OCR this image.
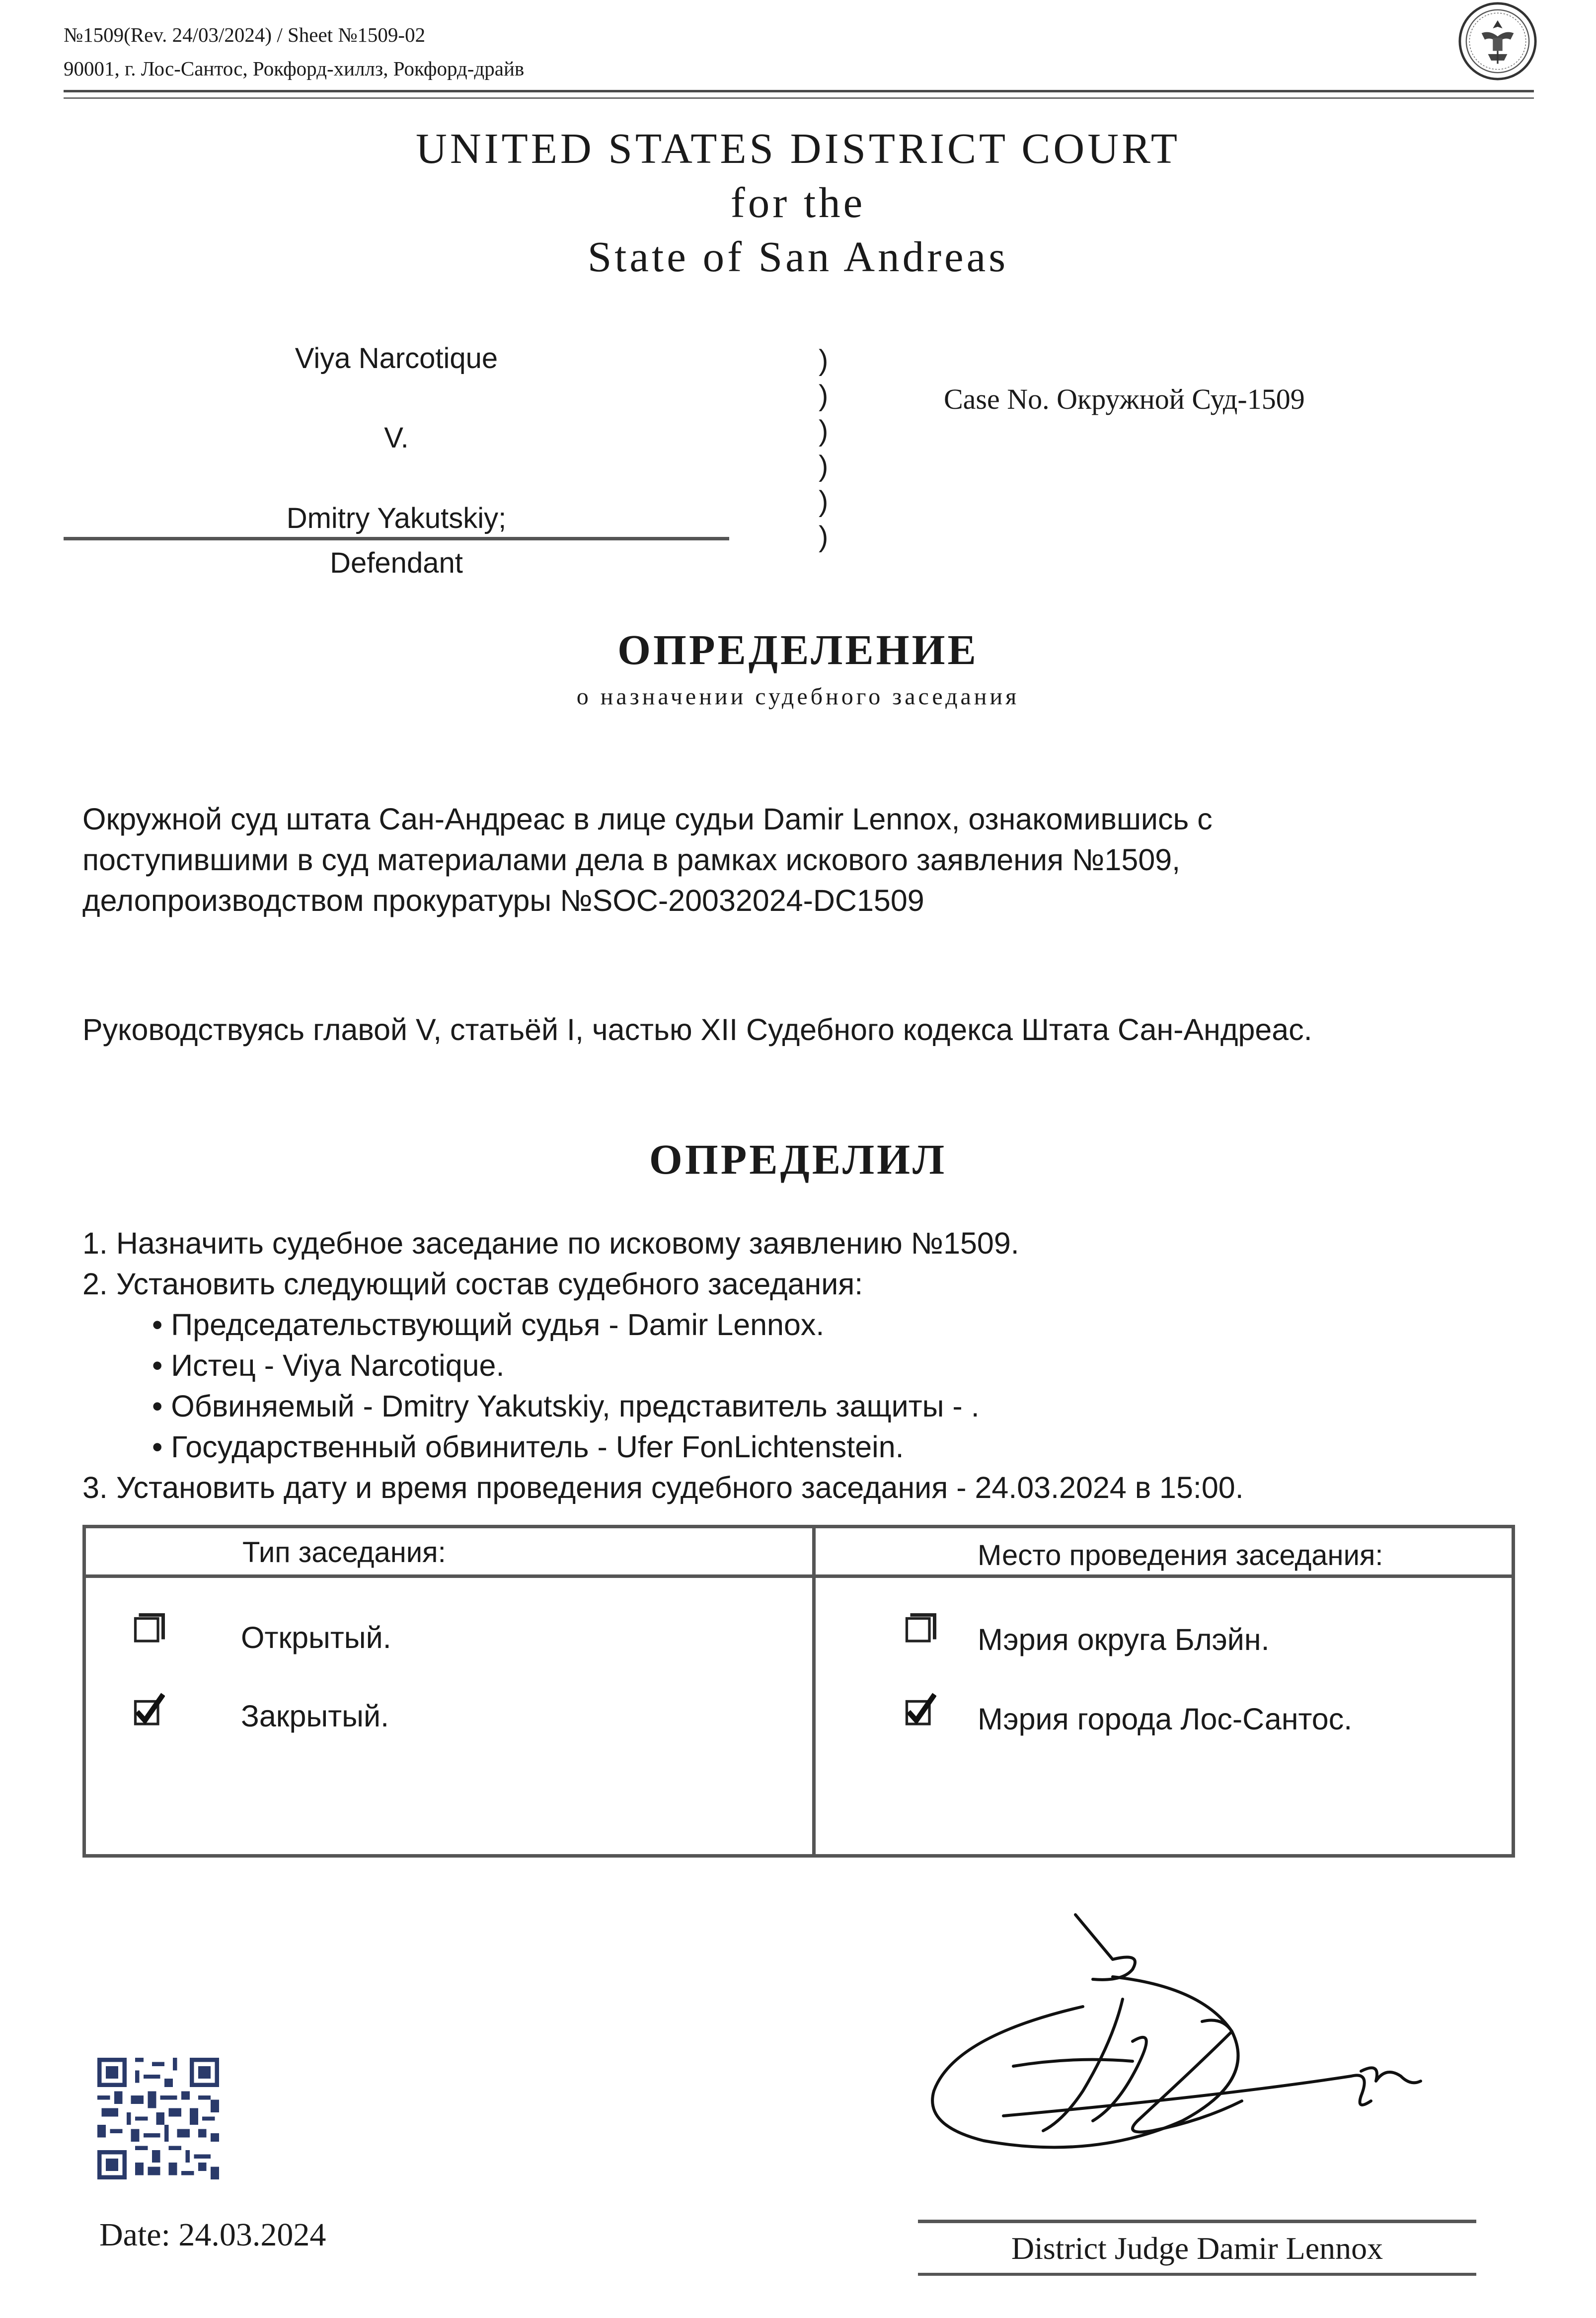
№1509(Rev. 24/03/2024) / Sheet №1509-02
90001, г. Лос-Сантос, Рокфорд-хиллз, Рокфорд-драйв
UNITED STATES DISTRICT COURT
for the
State of San Andreas
Viya Narcotique
V.
Dmitry Yakutskiy;
Defendant
)
)
)
)
)
)
Case No. Окружной Суд-1509
ОПРЕДЕЛЕНИЕ
о назначении судебного заседания
Окружной суд штата Сан-Андреас в лице судьи Damir Lennox, ознакомившись с
поступившими в суд материалами дела в рамках искового заявления №1509,
делопроизводством прокуратуры №SOC-20032024-DC1509
Руководствуясь главой V, статьёй I, частью XII Судебного кодекса Штата Сан-Андреас.
ОПРЕДЕЛИЛ
1. Назначить судебное заседание по исковому заявлению №1509.
2. Установить следующий состав судебного заседания:
• Председательствующий судья - Damir Lennox.
• Истец - Viya Narcotique.
• Обвиняемый - Dmitry Yakutskiy, представитель защиты - .
• Государственный обвинитель - Ufer FonLichtenstein.
3. Установить дату и время проведения судебного заседания - 24.03.2024 в 15:00.
Тип заседания:	Место проведения заседания:
Открытый.
Закрытый.
Мэрия округа Блэйн.
Мэрия города Лос-Сантос.
Date: 24.03.2024	District Judge Damir Lennox
